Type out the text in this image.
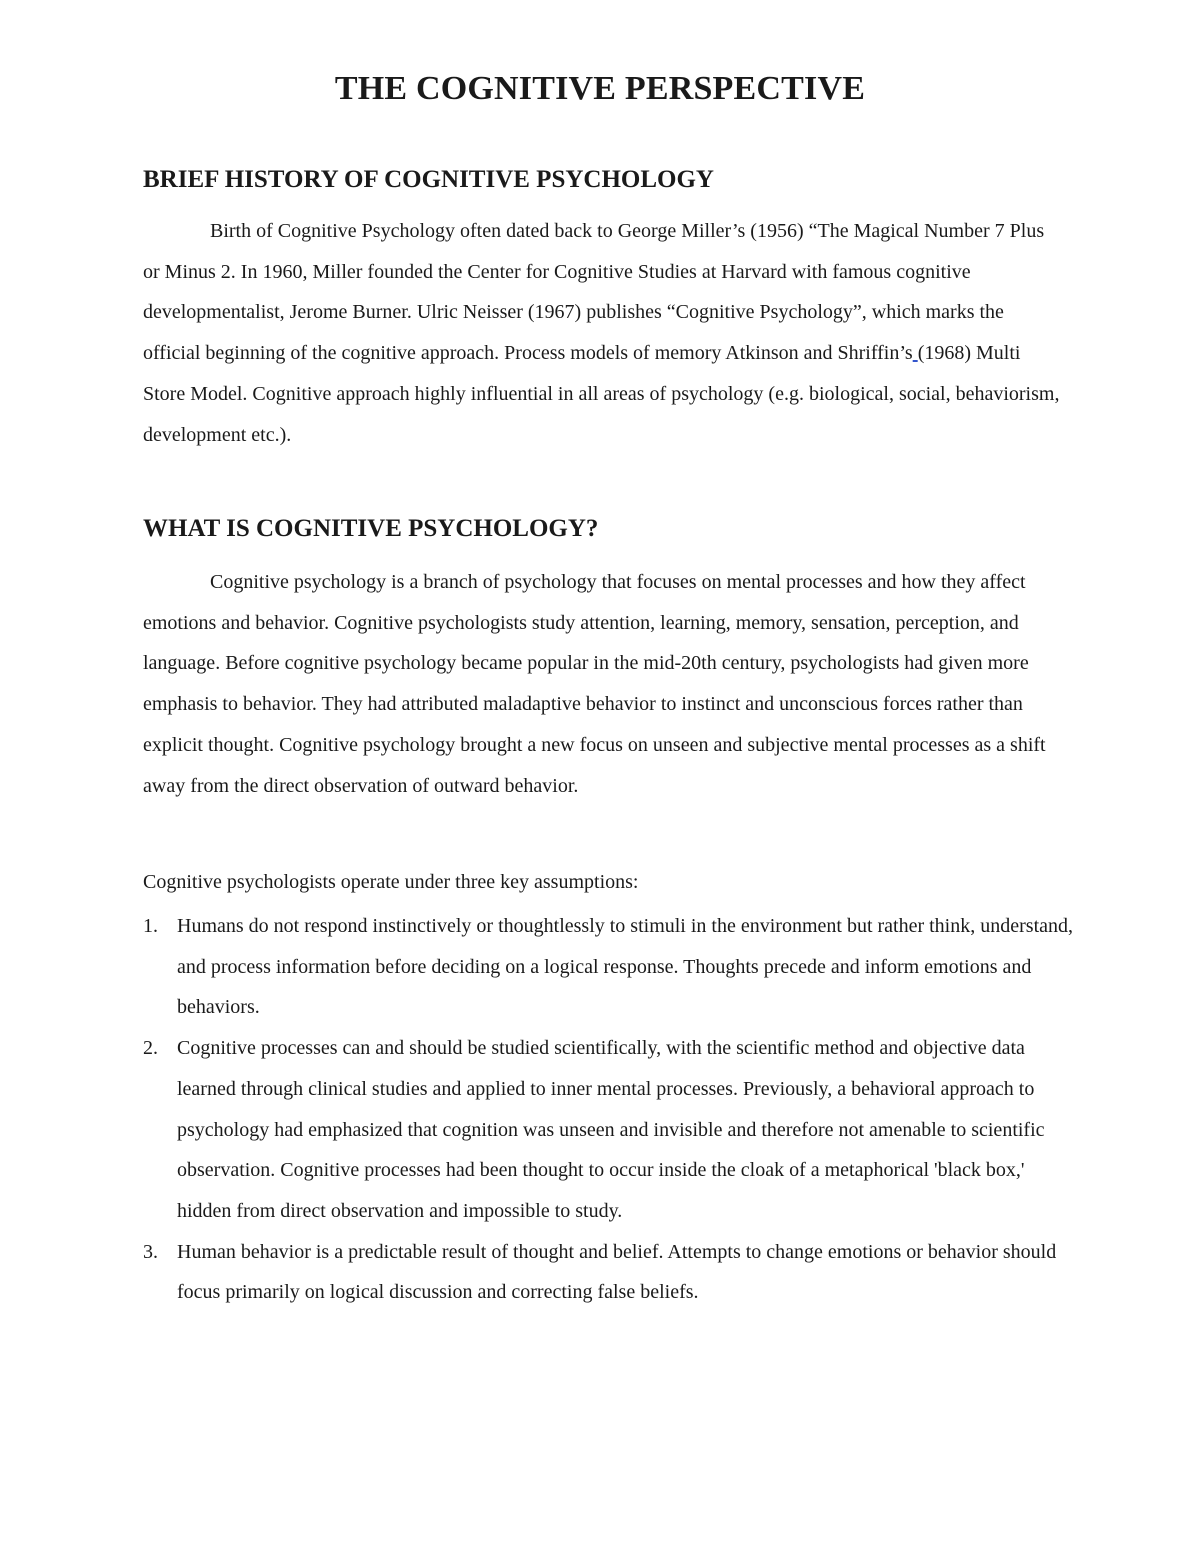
THE COGNITIVE PERSPECTIVE
BRIEF HISTORY OF COGNITIVE PSYCHOLOGY

Birth of Cognitive Psychology often dated back to George Miller’s (1956) “The Magical Number 7 Plus or Minus 2. In 1960, Miller founded the Center for Cognitive Studies at Harvard with famous cognitive developmentalist, Jerome Burner. Ulric Neisser (1967) publishes “Cognitive Psychology”, which marks the official beginning of the cognitive approach. Process models of memory Atkinson and Shriffin’s (1968) Multi Store Model. Cognitive approach highly influential in all areas of psychology (e.g. biological, social, behaviorism, development etc.).

WHAT IS COGNITIVE PSYCHOLOGY?

Cognitive psychology is a branch of psychology that focuses on mental processes and how they affect emotions and behavior. Cognitive psychologists study attention, learning, memory, sensation, perception, and language. Before cognitive psychology became popular in the mid-20th century, psychologists had given more emphasis to behavior. They had attributed maladaptive behavior to instinct and unconscious forces rather than explicit thought. Cognitive psychology brought a new focus on unseen and subjective mental processes as a shift away from the direct observation of outward behavior.

Cognitive psychologists operate under three key assumptions:

1. Humans do not respond instinctively or thoughtlessly to stimuli in the environment but rather think, understand, and process information before deciding on a logical response. Thoughts precede and inform emotions and behaviors.
2. Cognitive processes can and should be studied scientifically, with the scientific method and objective data learned through clinical studies and applied to inner mental processes. Previously, a behavioral approach to psychology had emphasized that cognition was unseen and invisible and therefore not amenable to scientific observation. Cognitive processes had been thought to occur inside the cloak of a metaphorical 'black box,' hidden from direct observation and impossible to study.
3. Human behavior is a predictable result of thought and belief. Attempts to change emotions or behavior should focus primarily on logical discussion and correcting false beliefs.
